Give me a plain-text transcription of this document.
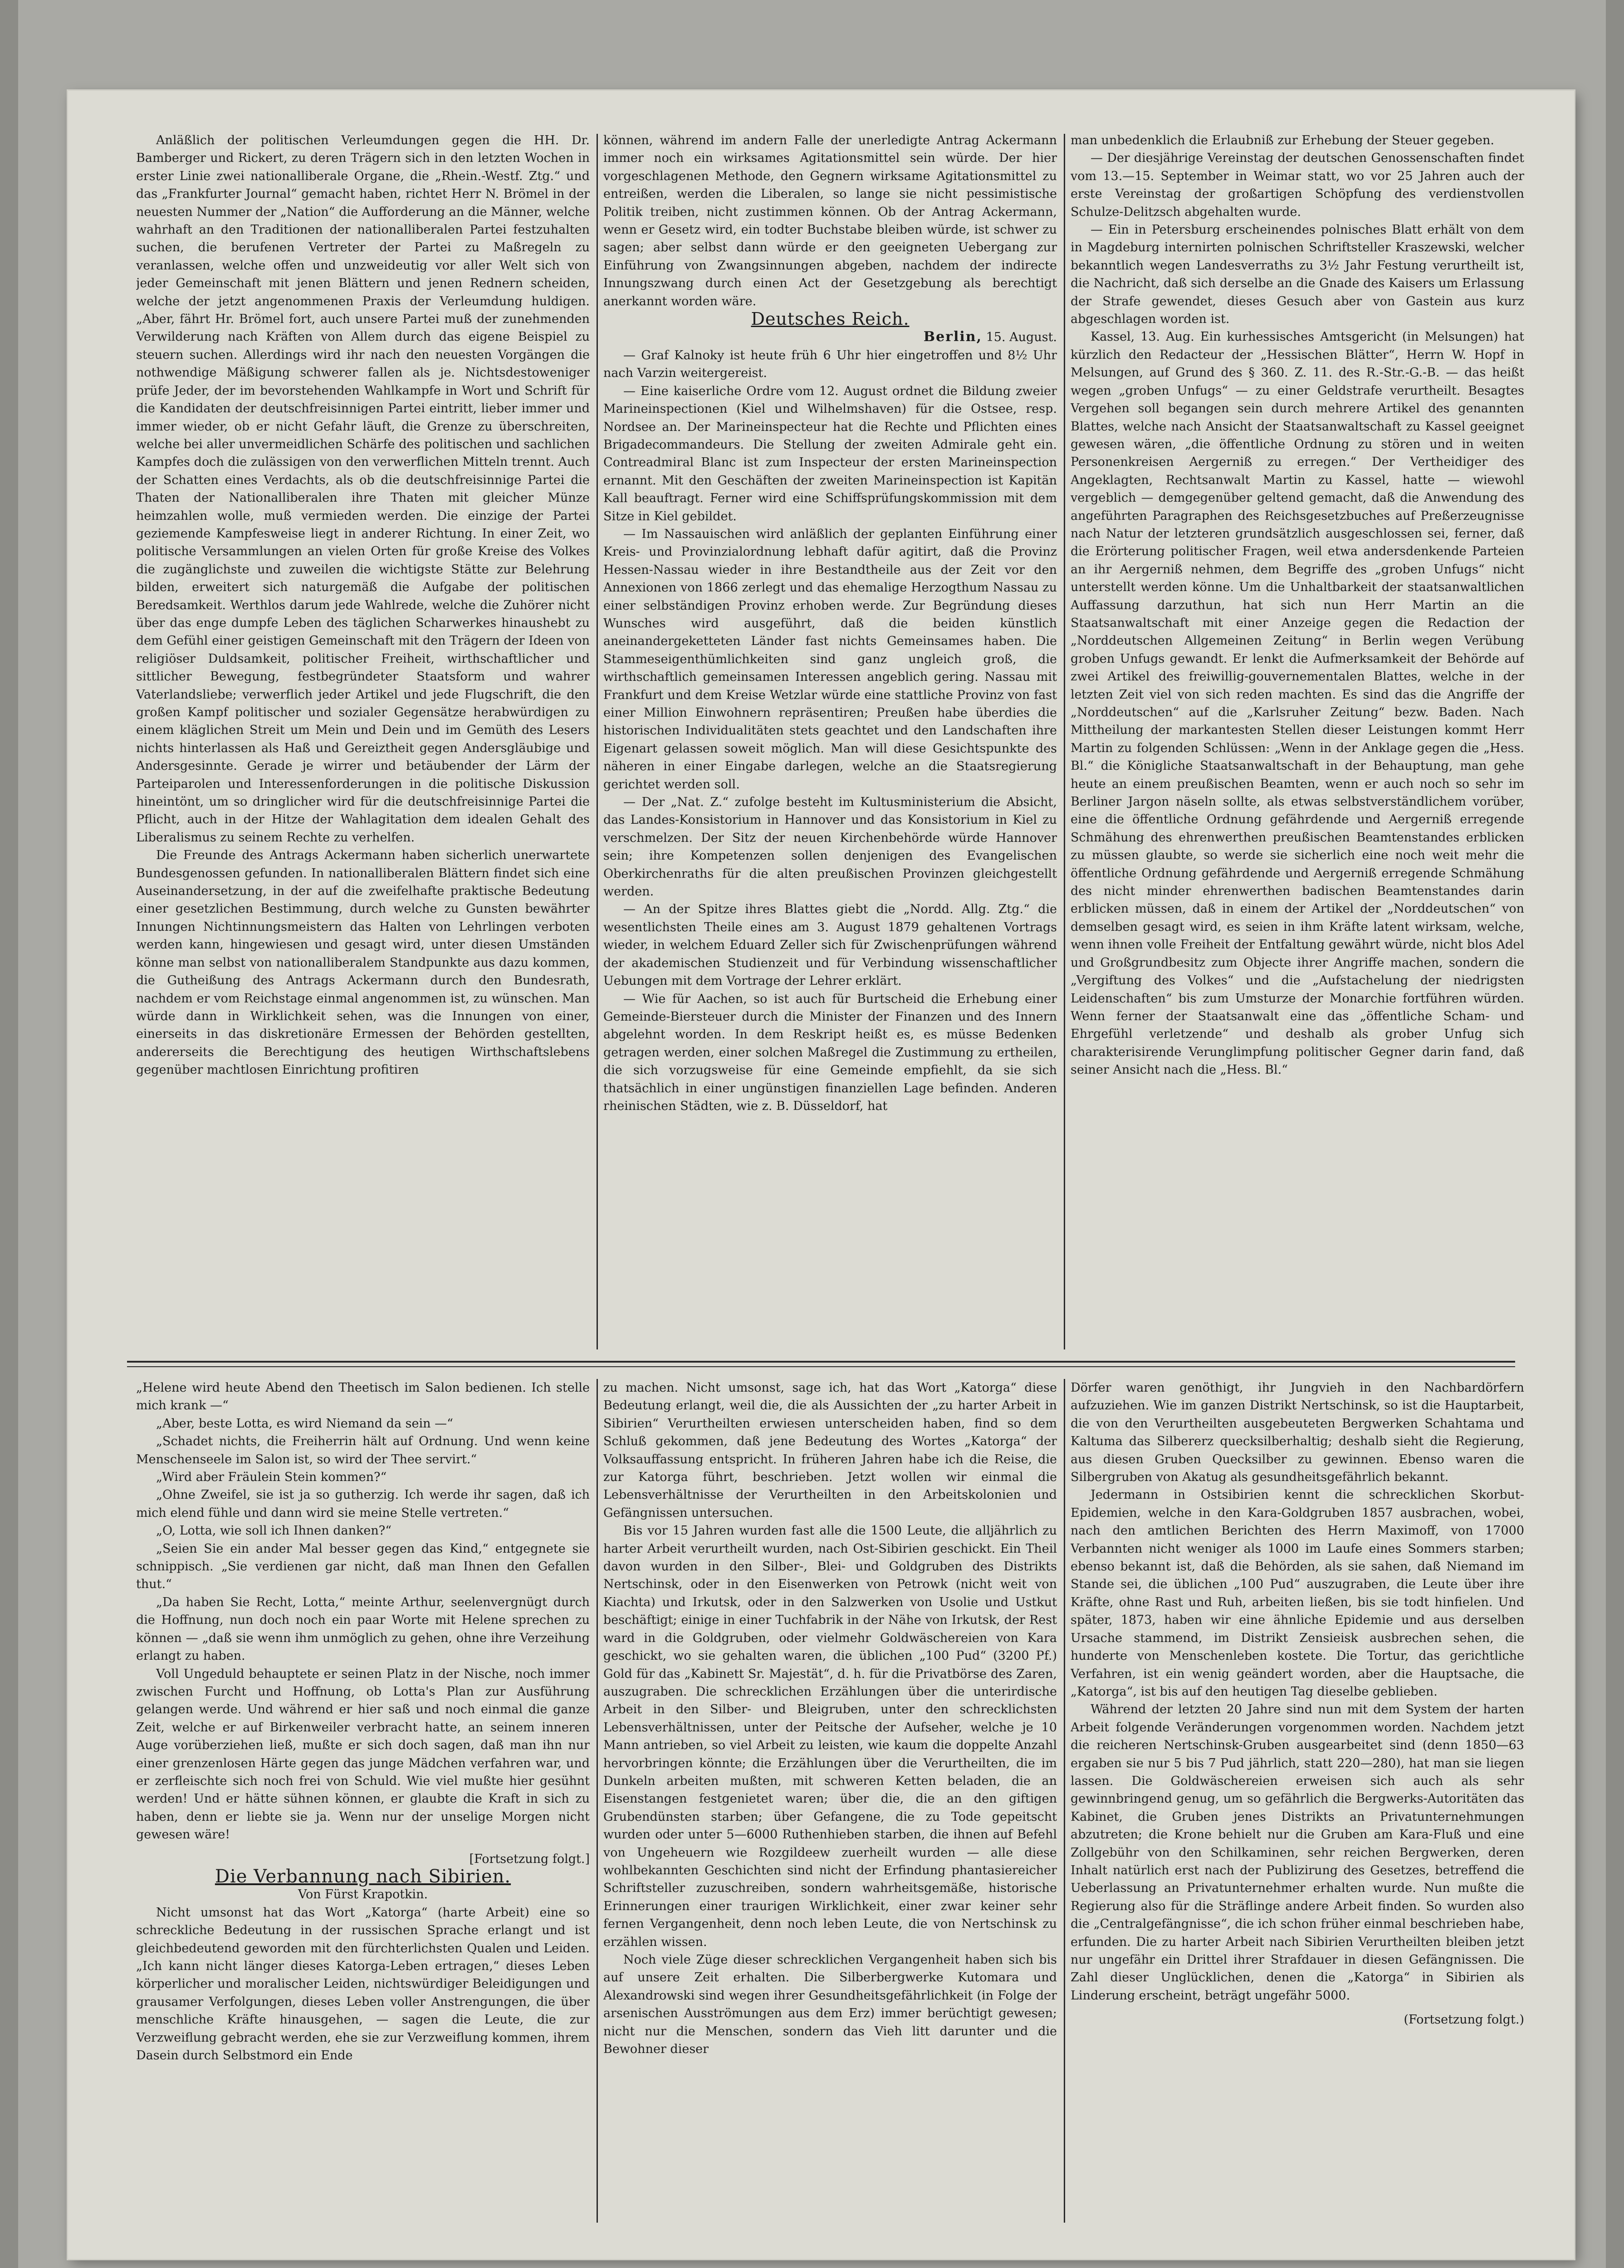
Anläßlich der politischen Verleumdungen gegen die HH. Dr. Bamberger und Rickert, zu deren Trägern sich in den letzten Wochen in erster Linie zwei nationalliberale Organe, die „Rhein.-Westf. Ztg.“ und das „Frankfurter Journal“ gemacht haben, richtet Herr N. Brömel in der neuesten Nummer der „Nation“ die Aufforderung an die Männer, welche wahrhaft an den Traditionen der nationalliberalen Partei festzuhalten suchen, die berufenen Vertreter der Partei zu Maßregeln zu veranlassen, welche offen und unzweideutig vor aller Welt sich von jeder Gemeinschaft mit jenen Blättern und jenen Rednern scheiden, welche der jetzt angenommenen Praxis der Verleumdung huldigen. „Aber, fährt Hr. Brömel fort, auch unsere Partei muß der zunehmenden Verwilderung nach Kräften von Allem durch das eigene Beispiel zu steuern suchen. Allerdings wird ihr nach den neuesten Vorgängen die nothwendige Mäßigung schwerer fallen als je. Nichtsdestoweniger prüfe Jeder, der im bevorstehenden Wahlkampfe in Wort und Schrift für die Kandidaten der deutschfreisinnigen Partei eintritt, lieber immer und immer wieder, ob er nicht Gefahr läuft, die Grenze zu überschreiten, welche bei aller unvermeidlichen Schärfe des politischen und sachlichen Kampfes doch die zulässigen von den verwerflichen Mitteln trennt. Auch der Schatten eines Verdachts, als ob die deutschfreisinnige Partei die Thaten der Nationalliberalen ihre Thaten mit gleicher Münze heimzahlen wolle, muß vermieden werden. Die einzige der Partei geziemende Kampfesweise liegt in anderer Richtung. In einer Zeit, wo politische Versammlungen an vielen Orten für große Kreise des Volkes die zugänglichste und zuweilen die wichtigste Stätte zur Belehrung bilden, erweitert sich naturgemäß die Aufgabe der politischen Beredsamkeit. Werthlos darum jede Wahlrede, welche die Zuhörer nicht über das enge dumpfe Leben des täglichen Scharwerkes hinaushebt zu dem Gefühl einer geistigen Gemeinschaft mit den Trägern der Ideen von religiöser Duldsamkeit, politischer Freiheit, wirthschaftlicher und sittlicher Bewegung, festbegründeter Staatsform und wahrer Vaterlandsliebe; verwerflich jeder Artikel und jede Flugschrift, die den großen Kampf politischer und sozialer Gegensätze herabwürdigen zu einem kläglichen Streit um Mein und Dein und im Gemüth des Lesers nichts hinterlassen als Haß und Gereiztheit gegen Andersgläubige und Andersgesinnte. Gerade je wirrer und betäubender der Lärm der Parteiparolen und Interessenforderungen in die politische Diskussion hineintönt, um so dringlicher wird für die deutschfreisinnige Partei die Pflicht, auch in der Hitze der Wahlagitation dem idealen Gehalt des Liberalismus zu seinem Rechte zu verhelfen.

Die Freunde des Antrags Ackermann haben sicherlich unerwartete Bundesgenossen gefunden. In nationalliberalen Blättern findet sich eine Auseinandersetzung, in der auf die zweifelhafte praktische Bedeutung einer gesetzlichen Bestimmung, durch welche zu Gunsten bewährter Innungen Nichtinnungsmeistern das Halten von Lehrlingen verboten werden kann, hingewiesen und gesagt wird, unter diesen Umständen könne man selbst von nationalliberalem Standpunkte aus dazu kommen, die Gutheißung des Antrags Ackermann durch den Bundesrath, nachdem er vom Reichstage einmal angenommen ist, zu wünschen. Man würde dann in Wirklichkeit sehen, was die Innungen von einer, einerseits in das diskretionäre Ermessen der Behörden gestellten, andererseits die Berechtigung des heutigen Wirthschaftslebens gegenüber machtlosen Einrichtung profitiren

können, während im andern Falle der unerledigte Antrag Ackermann immer noch ein wirksames Agitationsmittel sein würde. Der hier vorgeschlagenen Methode, den Gegnern wirksame Agitationsmittel zu entreißen, werden die Liberalen, so lange sie nicht pessimistische Politik treiben, nicht zustimmen können. Ob der Antrag Ackermann, wenn er Gesetz wird, ein todter Buchstabe bleiben würde, ist schwer zu sagen; aber selbst dann würde er den geeigneten Uebergang zur Einführung von Zwangsinnungen abgeben, nachdem der indirecte Innungszwang durch einen Act der Gesetzgebung als berechtigt anerkannt worden wäre.

Deutsches Reich.

Berlin, 15. August.

— Graf Kalnoky ist heute früh 6 Uhr hier eingetroffen und 8½ Uhr nach Varzin weitergereist.

— Eine kaiserliche Ordre vom 12. August ordnet die Bildung zweier Marineinspectionen (Kiel und Wilhelmshaven) für die Ostsee, resp. Nordsee an. Der Marineinspecteur hat die Rechte und Pflichten eines Brigadecommandeurs. Die Stellung der zweiten Admirale geht ein. Contreadmiral Blanc ist zum Inspecteur der ersten Marineinspection ernannt. Mit den Geschäften der zweiten Marineinspection ist Kapitän Kall beauftragt. Ferner wird eine Schiffsprüfungskommission mit dem Sitze in Kiel gebildet.

— Im Nassauischen wird anläßlich der geplanten Einführung einer Kreis- und Provinzialordnung lebhaft dafür agitirt, daß die Provinz Hessen-Nassau wieder in ihre Bestandtheile aus der Zeit vor den Annexionen von 1866 zerlegt und das ehemalige Herzogthum Nassau zu einer selbständigen Provinz erhoben werde. Zur Begründung dieses Wunsches wird ausgeführt, daß die beiden künstlich aneinandergeketteten Länder fast nichts Gemeinsames haben. Die Stammeseigenthümlichkeiten sind ganz ungleich groß, die wirthschaftlich gemeinsamen Interessen angeblich gering. Nassau mit Frankfurt und dem Kreise Wetzlar würde eine stattliche Provinz von fast einer Million Einwohnern repräsentiren; Preußen habe überdies die historischen Individualitäten stets geachtet und den Landschaften ihre Eigenart gelassen soweit möglich. Man will diese Gesichtspunkte des näheren in einer Eingabe darlegen, welche an die Staatsregierung gerichtet werden soll.

— Der „Nat. Z.“ zufolge besteht im Kultusministerium die Absicht, das Landes-Konsistorium in Hannover und das Konsistorium in Kiel zu verschmelzen. Der Sitz der neuen Kirchenbehörde würde Hannover sein; ihre Kompetenzen sollen denjenigen des Evangelischen Oberkirchenraths für die alten preußischen Provinzen gleichgestellt werden.

— An der Spitze ihres Blattes giebt die „Nordd. Allg. Ztg.“ die wesentlichsten Theile eines am 3. August 1879 gehaltenen Vortrags wieder, in welchem Eduard Zeller sich für Zwischenprüfungen während der akademischen Studienzeit und für Verbindung wissenschaftlicher Uebungen mit dem Vortrage der Lehrer erklärt.

— Wie für Aachen, so ist auch für Burtscheid die Erhebung einer Gemeinde-Biersteuer durch die Minister der Finanzen und des Innern abgelehnt worden. In dem Reskript heißt es, es müsse Bedenken getragen werden, einer solchen Maßregel die Zustimmung zu ertheilen, die sich vorzugsweise für eine Gemeinde empfiehlt, da sie sich thatsächlich in einer ungünstigen finanziellen Lage befinden. Anderen rheinischen Städten, wie z. B. Düsseldorf, hat

man unbedenklich die Erlaubniß zur Erhebung der Steuer gegeben.

— Der diesjährige Vereinstag der deutschen Genossenschaften findet vom 13.—15. September in Weimar statt, wo vor 25 Jahren auch der erste Vereinstag der großartigen Schöpfung des verdienstvollen Schulze-Delitzsch abgehalten wurde.

— Ein in Petersburg erscheinendes polnisches Blatt erhält von dem in Magdeburg internirten polnischen Schriftsteller Kraszewski, welcher bekanntlich wegen Landesverraths zu 3½ Jahr Festung verurtheilt ist, die Nachricht, daß sich derselbe an die Gnade des Kaisers um Erlassung der Strafe gewendet, dieses Gesuch aber von Gastein aus kurz abgeschlagen worden ist.

Kassel, 13. Aug. Ein kurhessisches Amtsgericht (in Melsungen) hat kürzlich den Redacteur der „Hessischen Blätter“, Herrn W. Hopf in Melsungen, auf Grund des § 360. Z. 11. des R.-Str.-G.-B. — das heißt wegen „groben Unfugs“ — zu einer Geldstrafe verurtheilt. Besagtes Vergehen soll begangen sein durch mehrere Artikel des genannten Blattes, welche nach Ansicht der Staatsanwaltschaft zu Kassel geeignet gewesen wären, „die öffentliche Ordnung zu stören und in weiten Personenkreisen Aergerniß zu erregen.“ Der Vertheidiger des Angeklagten, Rechtsanwalt Martin zu Kassel, hatte — wiewohl vergeblich — demgegenüber geltend gemacht, daß die Anwendung des angeführten Paragraphen des Reichsgesetzbuches auf Preßerzeugnisse nach Natur der letzteren grundsätzlich ausgeschlossen sei, ferner, daß die Erörterung politischer Fragen, weil etwa andersdenkende Parteien an ihr Aergerniß nehmen, dem Begriffe des „groben Unfugs“ nicht unterstellt werden könne. Um die Unhaltbarkeit der staatsanwaltlichen Auffassung darzuthun, hat sich nun Herr Martin an die Staatsanwaltschaft mit einer Anzeige gegen die Redaction der „Norddeutschen Allgemeinen Zeitung“ in Berlin wegen Verübung groben Unfugs gewandt. Er lenkt die Aufmerksamkeit der Behörde auf zwei Artikel des freiwillig-gouvernementalen Blattes, welche in der letzten Zeit viel von sich reden machten. Es sind das die Angriffe der „Norddeutschen“ auf die „Karlsruher Zeitung“ bezw. Baden. Nach Mittheilung der markantesten Stellen dieser Leistungen kommt Herr Martin zu folgenden Schlüssen: „Wenn in der Anklage gegen die „Hess. Bl.“ die Königliche Staatsanwaltschaft in der Behauptung, man gehe heute an einem preußischen Beamten, wenn er auch noch so sehr im Berliner Jargon näseln sollte, als etwas selbstverständlichem vorüber, eine die öffentliche Ordnung gefährdende und Aergerniß erregende Schmähung des ehrenwerthen preußischen Beamtenstandes erblicken zu müssen glaubte, so werde sie sicherlich eine noch weit mehr die öffentliche Ordnung gefährdende und Aergerniß erregende Schmähung des nicht minder ehrenwerthen badischen Beamtenstandes darin erblicken müssen, daß in einem der Artikel der „Norddeutschen“ von demselben gesagt wird, es seien in ihm Kräfte latent wirksam, welche, wenn ihnen volle Freiheit der Entfaltung gewährt würde, nicht blos Adel und Großgrundbesitz zum Objecte ihrer Angriffe machen, sondern die „Vergiftung des Volkes“ und die „Aufstachelung der niedrigsten Leidenschaften“ bis zum Umsturze der Monarchie fortführen würden. Wenn ferner der Staatsanwalt eine das „öffentliche Scham- und Ehrgefühl verletzende“ und deshalb als grober Unfug sich charakterisirende Verunglimpfung politischer Gegner darin fand, daß seiner Ansicht nach die „Hess. Bl.“

„Helene wird heute Abend den Theetisch im Salon bedienen. Ich stelle mich krank —“

„Aber, beste Lotta, es wird Niemand da sein —“

„Schadet nichts, die Freiherrin hält auf Ordnung. Und wenn keine Menschenseele im Salon ist, so wird der Thee servirt.“

„Wird aber Fräulein Stein kommen?“

„Ohne Zweifel, sie ist ja so gutherzig. Ich werde ihr sagen, daß ich mich elend fühle und dann wird sie meine Stelle vertreten.“

„O, Lotta, wie soll ich Ihnen danken?“

„Seien Sie ein ander Mal besser gegen das Kind,“ entgegnete sie schnippisch. „Sie verdienen gar nicht, daß man Ihnen den Gefallen thut.“

„Da haben Sie Recht, Lotta,“ meinte Arthur, seelenvergnügt durch die Hoffnung, nun doch noch ein paar Worte mit Helene sprechen zu können — „daß sie wenn ihm unmöglich zu gehen, ohne ihre Verzeihung erlangt zu haben.

Voll Ungeduld behauptete er seinen Platz in der Nische, noch immer zwischen Furcht und Hoffnung, ob Lotta's Plan zur Ausführung gelangen werde. Und während er hier saß und noch einmal die ganze Zeit, welche er auf Birkenweiler verbracht hatte, an seinem inneren Auge vorüberziehen ließ, mußte er sich doch sagen, daß man ihn nur einer grenzenlosen Härte gegen das junge Mädchen verfahren war, und er zerfleischte sich noch frei von Schuld. Wie viel mußte hier gesühnt werden! Und er hätte sühnen können, er glaubte die Kraft in sich zu haben, denn er liebte sie ja. Wenn nur der unselige Morgen nicht gewesen wäre!

[Fortsetzung folgt.]

Die Verbannung nach Sibirien.

Von Fürst Krapotkin.

Nicht umsonst hat das Wort „Katorga“ (harte Arbeit) eine so schreckliche Bedeutung in der russischen Sprache erlangt und ist gleichbedeutend geworden mit den fürchterlichsten Qualen und Leiden. „Ich kann nicht länger dieses Katorga-Leben ertragen,“ dieses Leben körperlicher und moralischer Leiden, nichtswürdiger Beleidigungen und grausamer Verfolgungen, dieses Leben voller Anstrengungen, die über menschliche Kräfte hinausgehen, — sagen die Leute, die zur Verzweiflung gebracht werden, ehe sie zur Verzweiflung kommen, ihrem Dasein durch Selbstmord ein Ende

zu machen. Nicht umsonst, sage ich, hat das Wort „Katorga“ diese Bedeutung erlangt, weil die, die als Aussichten der „zu harter Arbeit in Sibirien“ Verurtheilten erwiesen unterscheiden haben, find so dem Schluß gekommen, daß jene Bedeutung des Wortes „Katorga“ der Volksauffassung entspricht. In früheren Jahren habe ich die Reise, die zur Katorga führt, beschrieben. Jetzt wollen wir einmal die Lebensverhältnisse der Verurtheilten in den Arbeitskolonien und Gefängnissen untersuchen.

Bis vor 15 Jahren wurden fast alle die 1500 Leute, die alljährlich zu harter Arbeit verurtheilt wurden, nach Ost-Sibirien geschickt. Ein Theil davon wurden in den Silber-, Blei- und Goldgruben des Distrikts Nertschinsk, oder in den Eisenwerken von Petrowk (nicht weit von Kiachta) und Irkutsk, oder in den Salzwerken von Usolie und Ustkut beschäftigt; einige in einer Tuchfabrik in der Nähe von Irkutsk, der Rest ward in die Goldgruben, oder vielmehr Goldwäschereien von Kara geschickt, wo sie gehalten waren, die üblichen „100 Pud“ (3200 Pf.) Gold für das „Kabinett Sr. Majestät“, d. h. für die Privatbörse des Zaren, auszugraben. Die schrecklichen Erzählungen über die unterirdische Arbeit in den Silber- und Bleigruben, unter den schrecklichsten Lebensverhältnissen, unter der Peitsche der Aufseher, welche je 10 Mann antrieben, so viel Arbeit zu leisten, wie kaum die doppelte Anzahl hervorbringen könnte; die Erzählungen über die Verurtheilten, die im Dunkeln arbeiten mußten, mit schweren Ketten beladen, die an Eisenstangen festgenietet waren; über die, die an den giftigen Grubendünsten starben; über Gefangene, die zu Tode gepeitscht wurden oder unter 5—6000 Ruthenhieben starben, die ihnen auf Befehl von Ungeheuern wie Rozgildeew zuerheilt wurden — alle diese wohlbekannten Geschichten sind nicht der Erfindung phantasiereicher Schriftsteller zuzuschreiben, sondern wahrheitsgemäße, historische Erinnerungen einer traurigen Wirklichkeit, einer zwar keiner sehr fernen Vergangenheit, denn noch leben Leute, die von Nertschinsk zu erzählen wissen.

Noch viele Züge dieser schrecklichen Vergangenheit haben sich bis auf unsere Zeit erhalten. Die Silberbergwerke Kutomara und Alexandrowski sind wegen ihrer Gesundheitsgefährlichkeit (in Folge der arsenischen Ausströmungen aus dem Erz) immer berüchtigt gewesen; nicht nur die Menschen, sondern das Vieh litt darunter und die Bewohner dieser

Dörfer waren genöthigt, ihr Jungvieh in den Nachbardörfern aufzuziehen. Wie im ganzen Distrikt Nertschinsk, so ist die Hauptarbeit, die von den Verurtheilten ausgebeuteten Bergwerken Schahtama und Kaltuma das Silbererz quecksilberhaltig; deshalb sieht die Regierung, aus diesen Gruben Quecksilber zu gewinnen. Ebenso waren die Silbergruben von Akatug als gesundheitsgefährlich bekannt.

Jedermann in Ostsibirien kennt die schrecklichen Skorbut-Epidemien, welche in den Kara-Goldgruben 1857 ausbrachen, wobei, nach den amtlichen Berichten des Herrn Maximoff, von 17000 Verbannten nicht weniger als 1000 im Laufe eines Sommers starben; ebenso bekannt ist, daß die Behörden, als sie sahen, daß Niemand im Stande sei, die üblichen „100 Pud“ auszugraben, die Leute über ihre Kräfte, ohne Rast und Ruh, arbeiten ließen, bis sie todt hinfielen. Und später, 1873, haben wir eine ähnliche Epidemie und aus derselben Ursache stammend, im Distrikt Zensieisk ausbrechen sehen, die hunderte von Menschenleben kostete. Die Tortur, das gerichtliche Verfahren, ist ein wenig geändert worden, aber die Hauptsache, die „Katorga“, ist bis auf den heutigen Tag dieselbe geblieben.

Während der letzten 20 Jahre sind nun mit dem System der harten Arbeit folgende Veränderungen vorgenommen worden. Nachdem jetzt die reicheren Nertschinsk-Gruben ausgearbeitet sind (denn 1850—63 ergaben sie nur 5 bis 7 Pud jährlich, statt 220—280), hat man sie liegen lassen. Die Goldwäschereien erweisen sich auch als sehr gewinnbringend genug, um so gefährlich die Bergwerks-Autoritäten das Kabinet, die Gruben jenes Distrikts an Privatunternehmungen abzutreten; die Krone behielt nur die Gruben am Kara-Fluß und eine Zollgebühr von den Schilkaminen, sehr reichen Bergwerken, deren Inhalt natürlich erst nach der Publizirung des Gesetzes, betreffend die Ueberlassung an Privatunternehmer erhalten wurde. Nun mußte die Regierung also für die Sträflinge andere Arbeit finden. So wurden also die „Centralgefängnisse“, die ich schon früher einmal beschrieben habe, erfunden. Die zu harter Arbeit nach Sibirien Verurtheilten bleiben jetzt nur ungefähr ein Drittel ihrer Strafdauer in diesen Gefängnissen. Die Zahl dieser Unglücklichen, denen die „Katorga“ in Sibirien als Linderung erscheint, beträgt ungefähr 5000.

(Fortsetzung folgt.)
